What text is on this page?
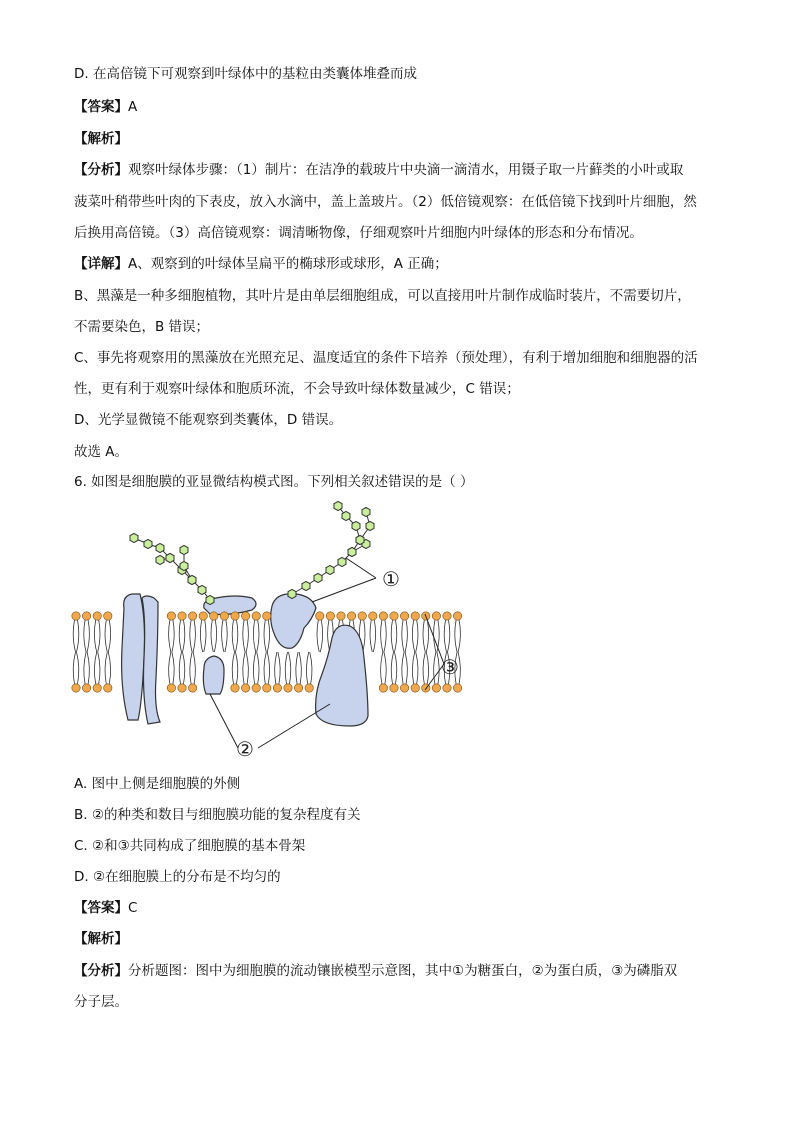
D. 在高倍镜下可观察到叶绿体中的基粒由类囊体堆叠而成
【答案】A
【解析】
【分析】观察叶绿体步骤：（1）制片：在洁净的载玻片中央滴一滴清水，用镊子取一片藓类的小叶或取
菠菜叶稍带些叶肉的下表皮，放入水滴中，盖上盖玻片。（2）低倍镜观察：在低倍镜下找到叶片细胞，然
后换用高倍镜。（3）高倍镜观察：调清晰物像，仔细观察叶片细胞内叶绿体的形态和分布情况。
【详解】A、观察到的叶绿体呈扁平的椭球形或球形，A 正确；
B、黑藻是一种多细胞植物，其叶片是由单层细胞组成，可以直接用叶片制作成临时装片，不需要切片，
不需要染色，B 错误；
C、事先将观察用的黑藻放在光照充足、温度适宜的条件下培养（预处理），有利于增加细胞和细胞器的活
性，更有利于观察叶绿体和胞质环流，不会导致叶绿体数量减少，C 错误；
D、光学显微镜不能观察到类囊体，D 错误。
故选 A。
6. 如图是细胞膜的亚显微结构模式图。下列相关叙述错误的是（ ）
①
③
②
A. 图中上侧是细胞膜的外侧
B. ②的种类和数目与细胞膜功能的复杂程度有关
C. ②和③共同构成了细胞膜的基本骨架
D. ②在细胞膜上的分布是不均匀的
【答案】C
【解析】
【分析】分析题图：图中为细胞膜的流动镶嵌模型示意图，其中①为糖蛋白，②为蛋白质，③为磷脂双
分子层。
